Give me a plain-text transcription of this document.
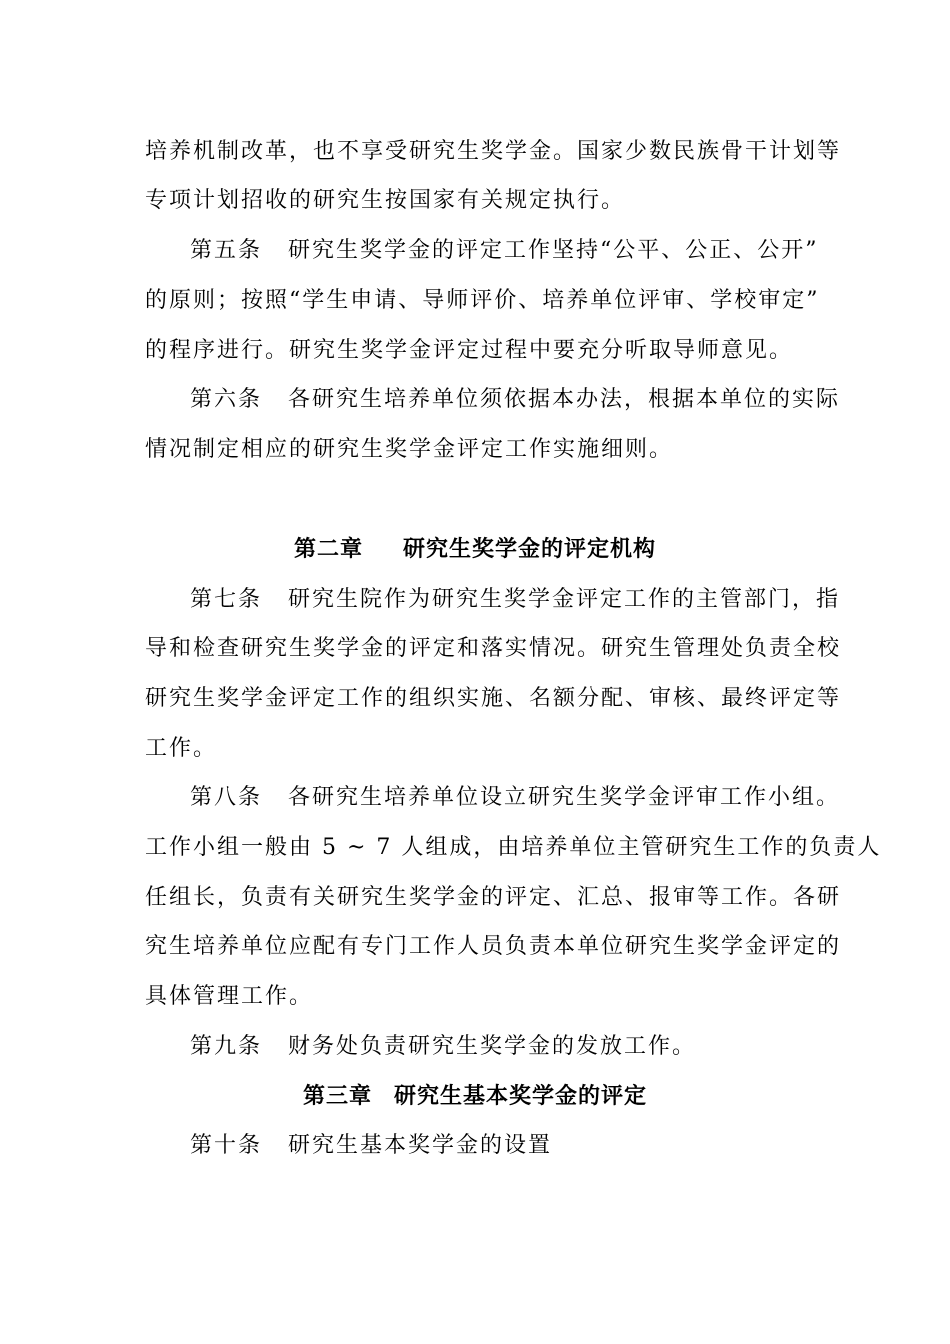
培养机制改革，也不享受研究生奖学金。国家少数民族骨干计划等
专项计划招收的研究生按国家有关规定执行。
第五条 研究生奖学金的评定工作坚持“公平、公正、公开”
的原则；按照“学生申请、导师评价、培养单位评审、学校审定”
的程序进行。研究生奖学金评定过程中要充分听取导师意见。
第六条 各研究生培养单位须依据本办法，根据本单位的实际
情况制定相应的研究生奖学金评定工作实施细则。
第二章 研究生奖学金的评定机构
第七条 研究生院作为研究生奖学金评定工作的主管部门，指
导和检查研究生奖学金的评定和落实情况。研究生管理处负责全校
研究生奖学金评定工作的组织实施、名额分配、审核、最终评定等
工作。
第八条 各研究生培养单位设立研究生奖学金评审工作小组。
工作小组一般由 5 ~ 7 人组成，由培养单位主管研究生工作的负责人
任组长，负责有关研究生奖学金的评定、汇总、报审等工作。各研
究生培养单位应配有专门工作人员负责本单位研究生奖学金评定的
具体管理工作。
第九条 财务处负责研究生奖学金的发放工作。
第三章 研究生基本奖学金的评定
第十条 研究生基本奖学金的设置
